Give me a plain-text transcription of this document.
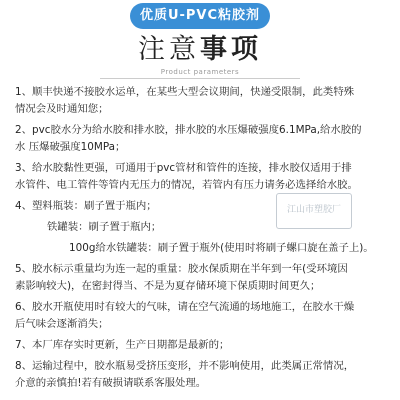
优质U-PVC粘胶剂
注意事项
Product parameters
1、顺丰快递不接胶水运单，在某些大型会议期间，快递受限制，此类特殊
情况会及时通知您；
2、pvc胶水分为给水胶和排水胶，排水胶的水压爆破强度6.1MPa,给水胶的
水 压爆破强度10MPa；
3、给水胶黏性更强，可通用于pvc管材和管件的连接，排水胶仅适用于排
水管件、电工管件等管内无压力的情况，若管内有压力请务必选择给水胶。
4、塑料瓶装：刷子置于瓶内；
铁罐装：刷子置于瓶内；
100g给水铁罐装：刷子置于瓶外(使用时将刷子螺口旋在盖子上)。
5、胶水标示重量均为连一起的重量：胶水保质期在半年到一年(受环境因
素影响较大)，在密封得当、不是为夏存储环境下保质期时间更久；
6、胶水开瓶使用时有较大的气味，请在空气流通的场地施工，在胶水干燥
后气味会逐渐消失；
7、本厂库存实时更新，生产日期都是最新的；
8、运输过程中，胶水瓶易受挤压变形，并不影响使用，此类属正常情况，
介意的亲慎拍!若有破损请联系客服处理。
江山市塑胶厂
